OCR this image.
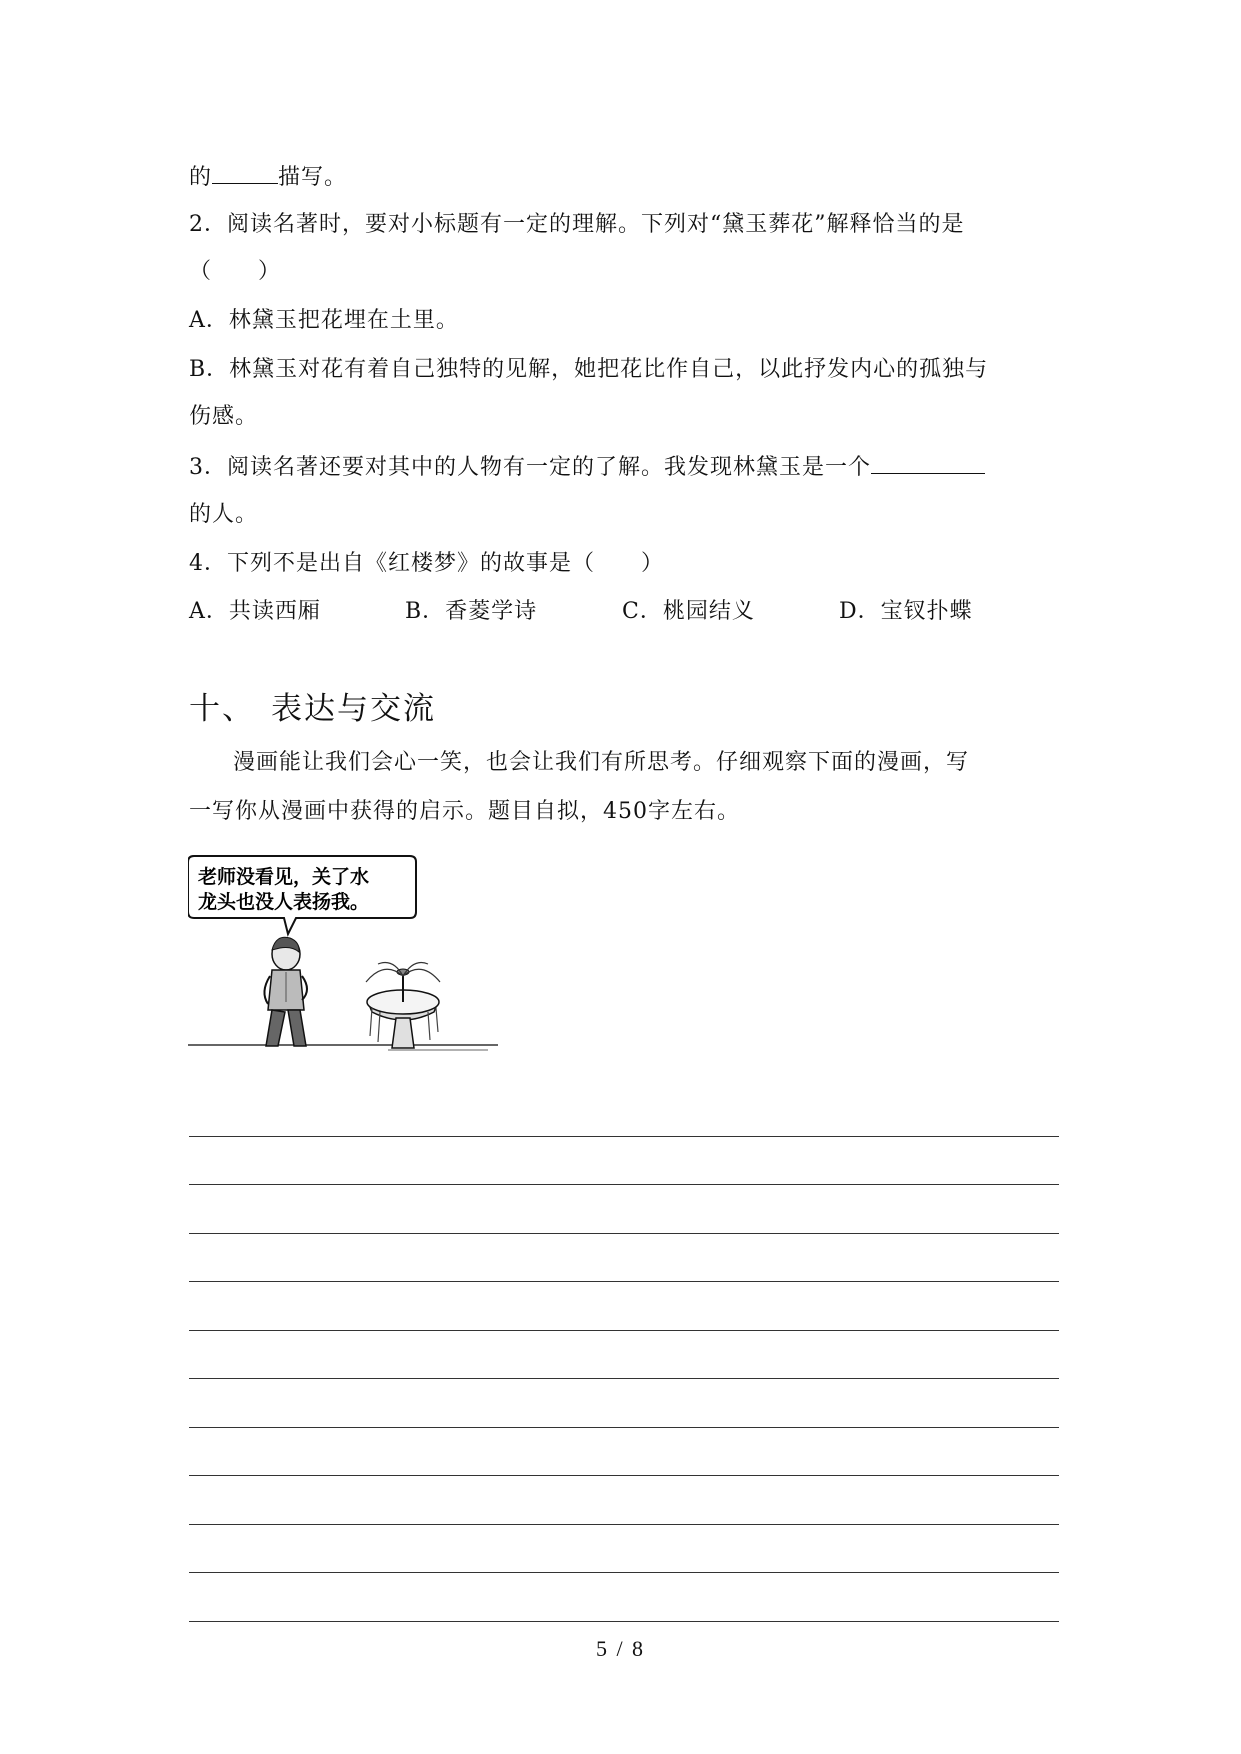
的	描写。
2．阅读名著时，要对小标题有一定的理解。下列对“黛玉葬花”解释恰当的是
（　　）
A．林黛玉把花埋在土里。
B．林黛玉对花有着自己独特的见解，她把花比作自己，以此抒发内心的孤独与
伤感。
3．阅读名著还要对其中的人物有一定的了解。我发现林黛玉是一个
的人。
4．下列不是出自《红楼梦》的故事是（　　）
A．共读西厢	B．香菱学诗	C．桃园结义	D．宝钗扑蝶
十、 表达与交流
漫画能让我们会心一笑，也会让我们有所思考。仔细观察下面的漫画，写
一写你从漫画中获得的启示。题目自拟，450字左右。
老师没看见，关了水
龙头也没人表扬我。
5 / 8
